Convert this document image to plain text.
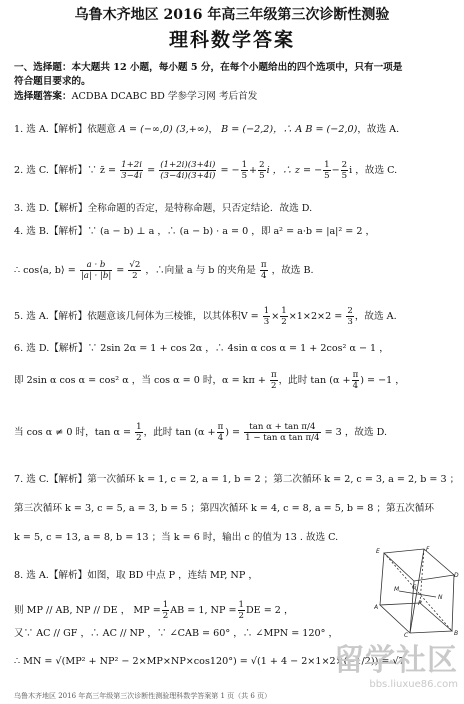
乌鲁木齐地区 2016 年高三年级第三次诊断性测验
理科数学答案
一、选择题：本大题共 12 小题，每小题 5 分，在每个小题给出的四个选项中，只有一项是
符合题目要求的。
选择题答案：ACDBA DCABC BD 学参学习网 考后首发
1. 选 A.【解析】依题意 A = (−∞,0) (3,+∞)， B = (−2,2)，∴ A B = (−2,0)，故选 A.
2. 选 C.【解析】∵ z̄ = $\frac{1+2i}{3-4i} = \frac{(1+2i)(3+4i)}{(3-4i)(3+4i)}$ = − $\frac{1}{5} + \frac{2}{5}$ i ，∴ z = − $\frac{1}{5} - \frac{2}{5}$ i ，故选 C.
3. 选 D.【解析】全称命题的否定，是特称命题，只否定结论．故选 D.
4. 选 B.【解析】∵ (a − b) ⊥ a ，∴ (a − b) · a = 0 ，即 a² = a·b = |a|² = 2 ，
∴ cos⟨a, b⟩ = $\frac{a \cdot b}{|a| \cdot |b|} = \frac{√2}{2}$ ，∴向量 a 与 b 的夹角是 $\frac{\pi}{4}$ ，故选 B.
5. 选 A.【解析】依题意该几何体为三棱锥，以其体积$V = \frac{1}{3} \times \frac{1}{2} \times 1\times 2\times 2 = \frac{2}{3}$ ，故选 A.
6. 选 D.【解析】∵ 2sin 2α = 1 + cos 2α ，∴ 4sin α cos α = 1 + 2cos² α − 1 ，
即 2sin α cos α = cos² α ，当 cos α = 0 时，$\alpha = k\pi + \frac{\pi}{2}$ ，此时 $\tan (\alpha + \frac{\pi}{4}$ ) = −1 ，
当 cos α ≠ 0 时，$\tan \alpha = \frac{1}{2}$ ，此时 $\tan (\alpha + \frac{\pi}{4}$ ) = $\frac{\text{tan α + tan π/4}}{\text{1 − tan α tan π/4}} = 3$ ，故选 D.
7. 选 C.【解析】第一次循环 k = 1, c = 2, a = 1, b = 2 ；第二次循环 k = 2, c = 3, a = 2, b = 3 ；
第三次循环 k = 3, c = 5, a = 3, b = 5 ；第四次循环 k = 4, c = 8, a = 5, b = 8 ；第五次循环
k = 5, c = 13, a = 8, b = 13 ；当 k = 6 时，输出 c 的值为 13 . 故选 C.
8. 选 A.【解析】如图，取 BD 中点 P ，连结 MP, NP ，
则 MP // AB, NP // DE ， MP = $\frac{1}{2}$ AB = 1, NP = $\frac{1}{2}$ DE = 2 ，
又∵ AC // GF ，∴ AC // NP ，∵ ∠CAB = 60° ，∴ ∠MPN = 120° ，
∴ MN = √(MP² + NP² − 2×MP×NP×cos120°) = √(1 + 4 − 2×1×2×(−1/2)) = √7
乌鲁木齐地区 2016 年高三年级第三次诊断性测验理科数学答案第 1 页（共 6 页）
E	F
A
B
C
D
G
M
N
P
留学社区
bbs.liuxue86.com
